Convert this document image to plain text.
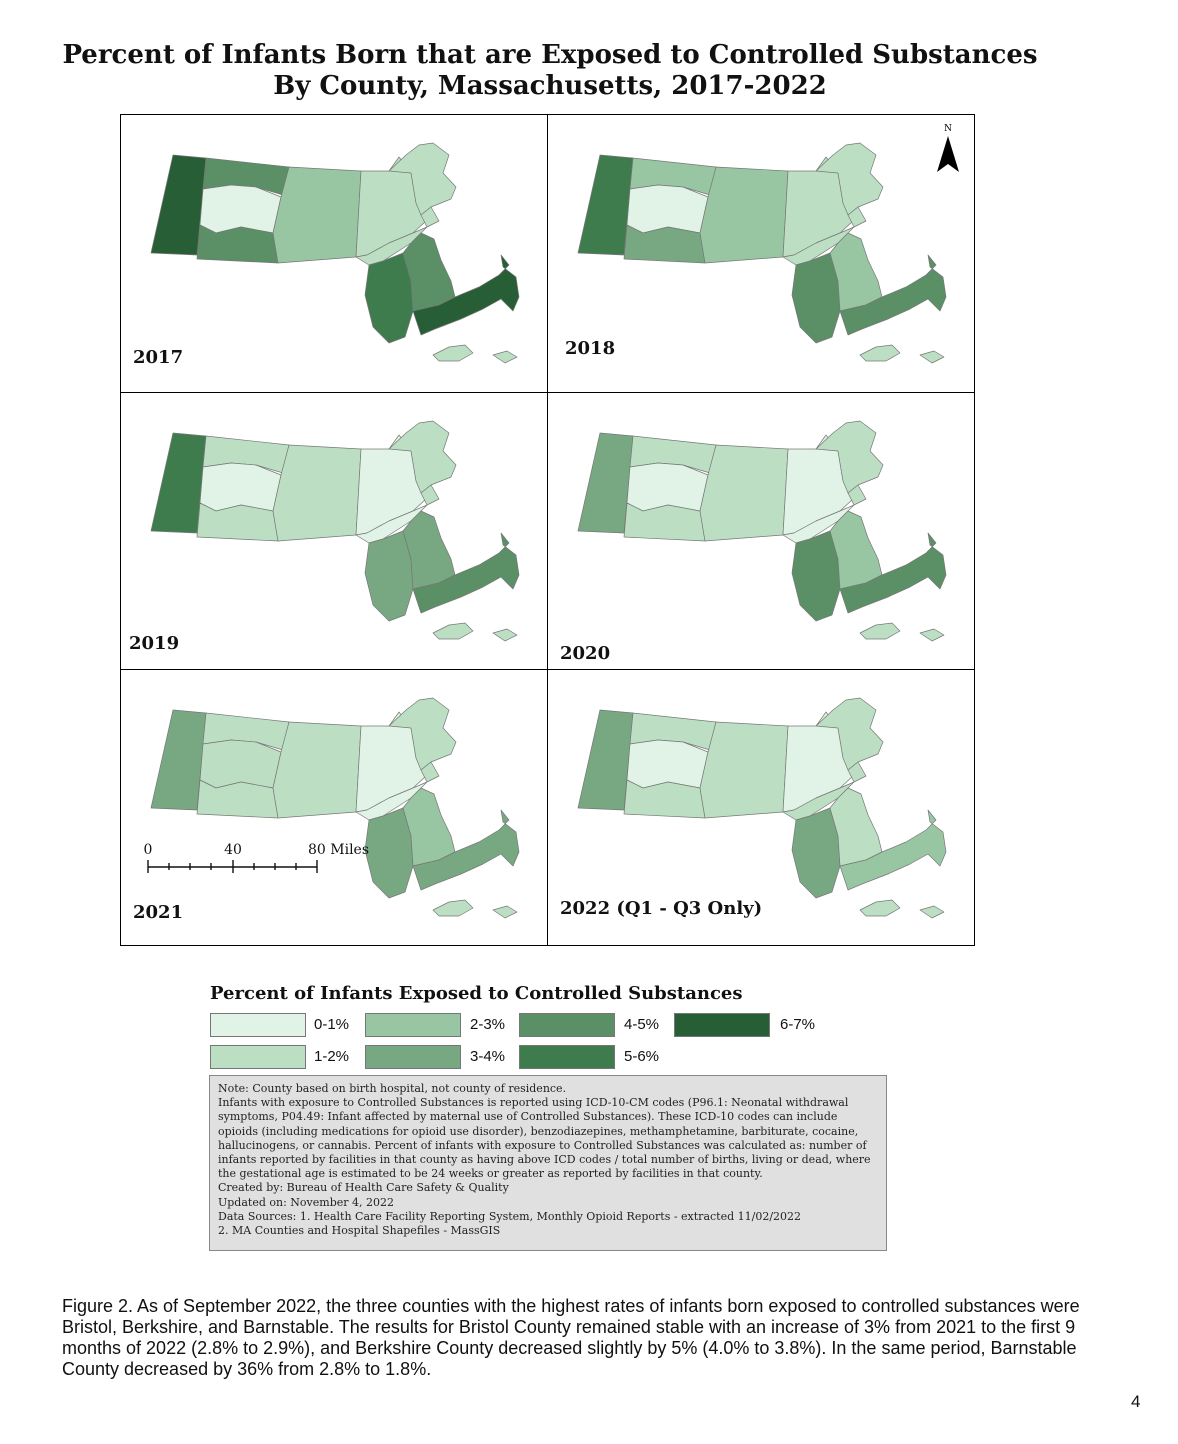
Percent of Infants Born that are Exposed to Controlled Substances
By County, Massachusetts, 2017-2022
2017	2018
2019	2020
2021	2022 (Q1 - Q3 Only)
N
0	40	80 Miles
Percent of Infants Exposed to Controlled Substances
0-1%
1-2%
2-3%
3-4%
4-5%
5-6%
6-7%
Note: County based on birth hospital, not county of residence.
Infants with exposure to Controlled Substances is reported using ICD-10-CM codes (P96.1: Neonatal withdrawal
symptoms, P04.49: Infant affected by maternal use of Controlled Substances). These ICD-10 codes can include
opioids (including medications for opioid use disorder), benzodiazepines, methamphetamine, barbiturate, cocaine,
hallucinogens, or cannabis. Percent of infants with exposure to Controlled Substances was calculated as: number of
infants reported by facilities in that county as having above ICD codes / total number of births, living or dead, where
the gestational age is estimated to be 24 weeks or greater as reported by facilities in that county.
Created by: Bureau of Health Care Safety & Quality
Updated on: November 4, 2022
Data Sources: 1. Health Care Facility Reporting System, Monthly Opioid Reports - extracted 11/02/2022
2. MA Counties and Hospital Shapefiles - MassGIS
Figure 2. As of September 2022, the three counties with the highest rates of infants born exposed to controlled substances were Bristol, Berkshire, and Barnstable. The results for Bristol County remained stable with an increase of 3% from 2021 to the first 9 months of 2022 (2.8% to 2.9%), and Berkshire County decreased slightly by 5% (4.0% to 3.8%). In the same period, Barnstable County decreased by 36% from 2.8% to 1.8%.
4
